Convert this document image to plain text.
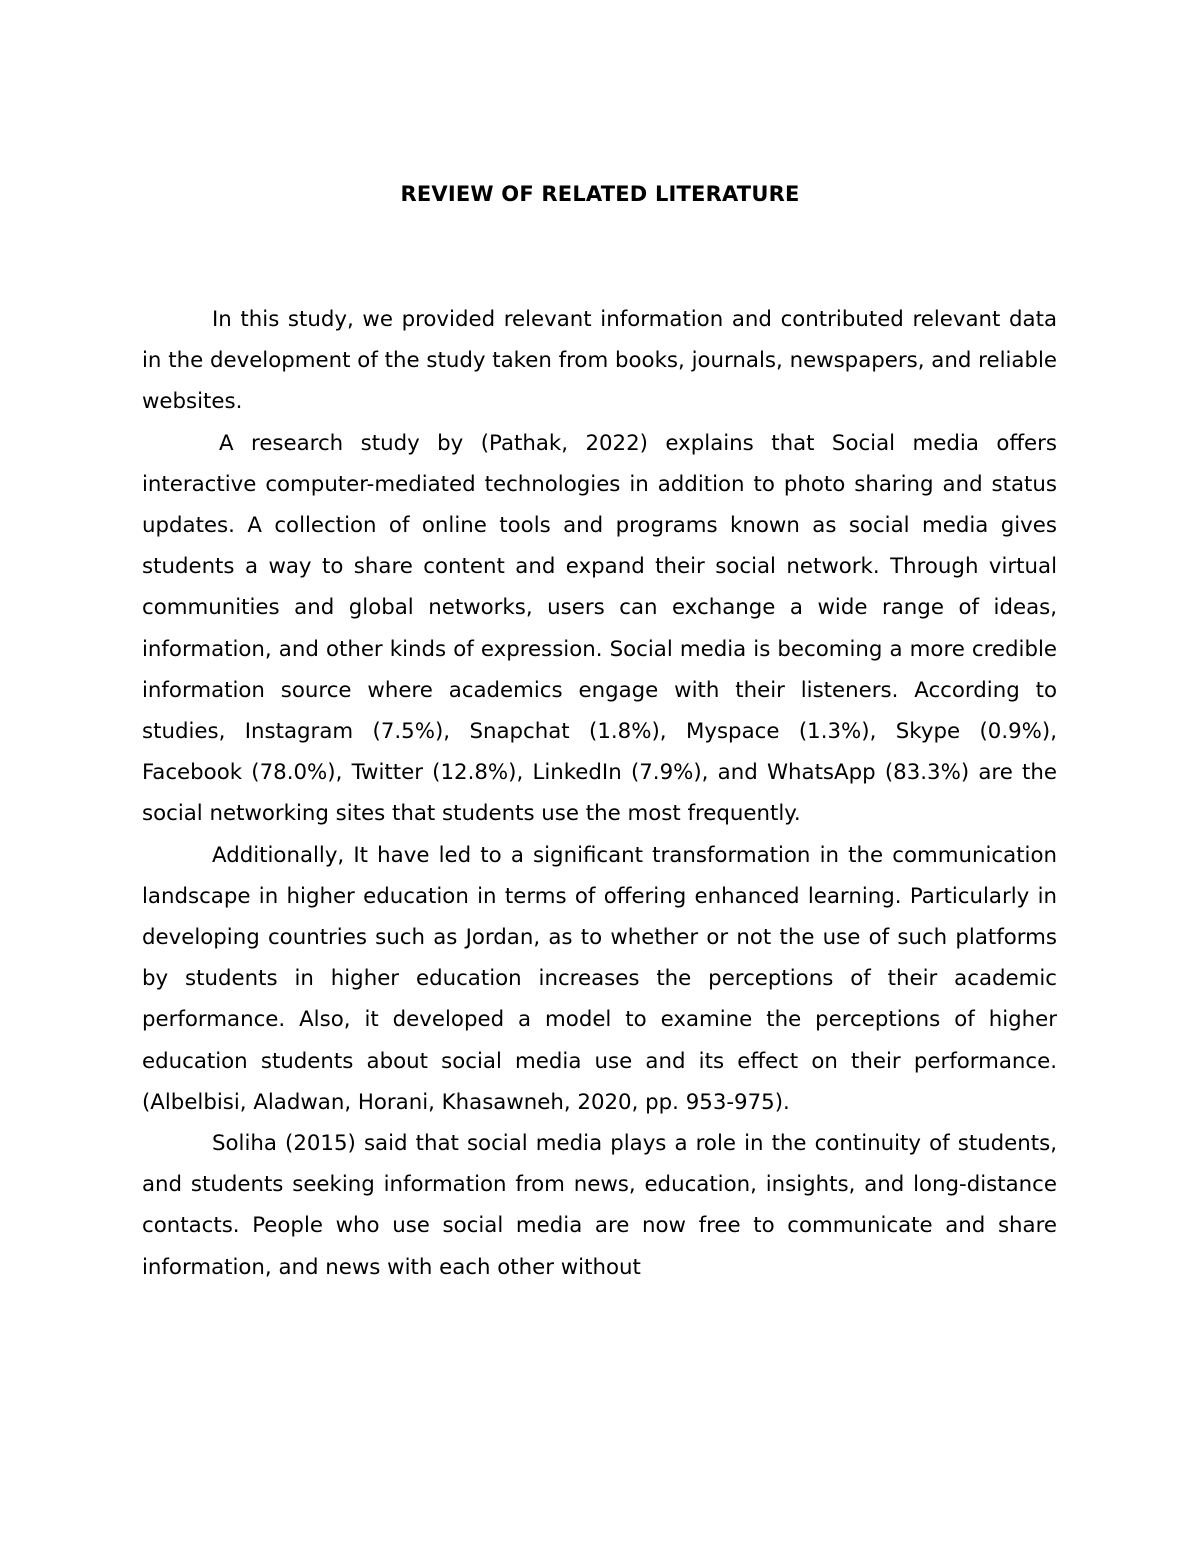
REVIEW OF RELATED LITERATURE

In this study, we provided relevant information and contributed relevant data in the development of the study taken from books, journals, newspapers, and reliable websites.

A research study by (Pathak, 2022) explains that Social media offers interactive computer-mediated technologies in addition to photo sharing and status updates. A collection of online tools and programs known as social media gives students a way to share content and expand their social network. Through virtual communities and global networks, users can exchange a wide range of ideas, information, and other kinds of expression. Social media is becoming a more credible information source where academics engage with their listeners. According to studies, Instagram (7.5%), Snapchat (1.8%), Myspace (1.3%), Skype (0.9%), Facebook (78.0%), Twitter (12.8%), LinkedIn (7.9%), and WhatsApp (83.3%) are the social networking sites that students use the most frequently.

Additionally, It have led to a significant transformation in the communication landscape in higher education in terms of offering enhanced learning. Particularly in developing countries such as Jordan, as to whether or not the use of such platforms by students in higher education increases the perceptions of their academic performance. Also, it developed a model to examine the perceptions of higher education students about social media use and its effect on their performance. (Albelbisi, Aladwan, Horani, Khasawneh, 2020, pp. 953-975).

Soliha (2015) said that social media plays a role in the continuity of students, and students seeking information from news, education, insights, and long-distance contacts. People who use social media are now free to communicate and share information, and news with each other without
